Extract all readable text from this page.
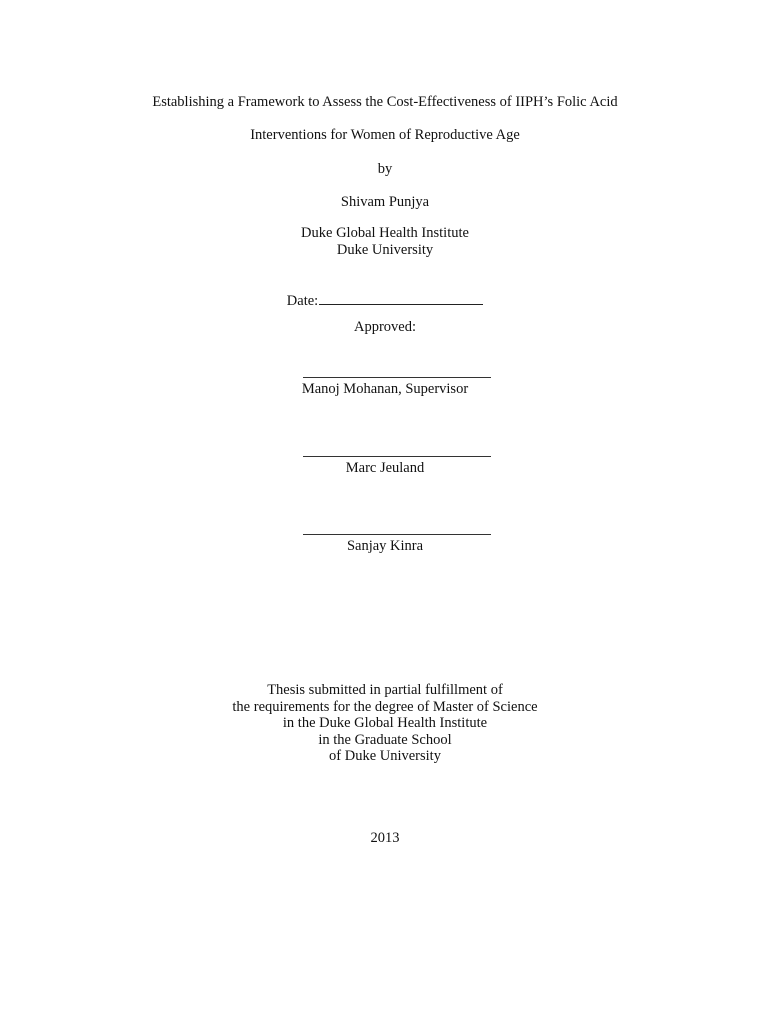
Establishing a Framework to Assess the Cost-Effectiveness of IIPH’s Folic Acid
Interventions for Women of Reproductive Age
by
Shivam Punjya
Duke Global Health Institute
Duke University
Date:
Approved:
Manoj Mohanan, Supervisor
Marc Jeuland
Sanjay Kinra
Thesis submitted in partial fulfillment of
the requirements for the degree of Master of Science
in the Duke Global Health Institute
in the Graduate School
of Duke University
2013
